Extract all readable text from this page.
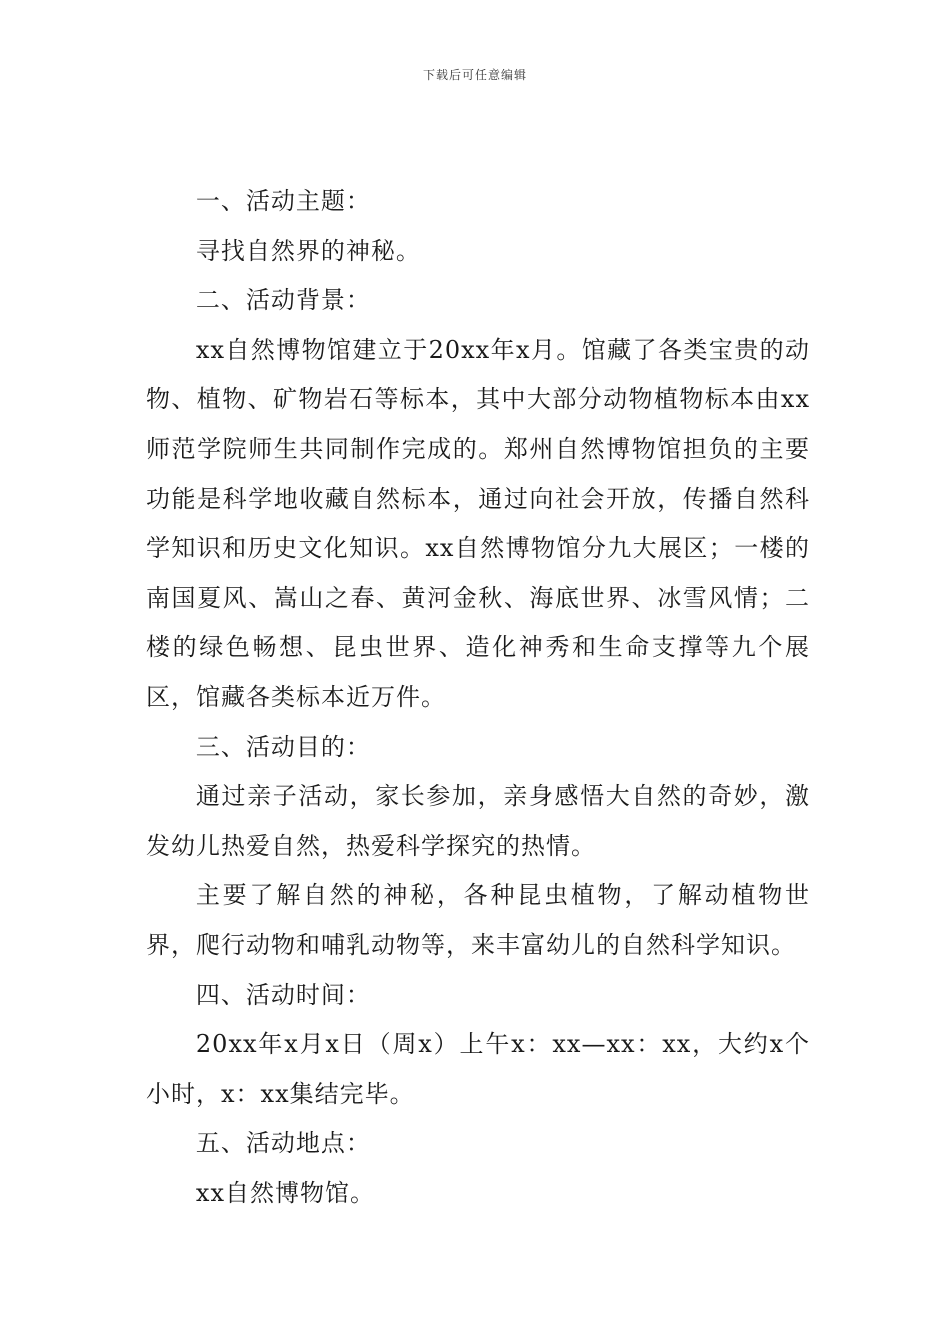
下载后可任意编辑

一、活动主题：

寻找自然界的神秘。

二、活动背景：

xx自然博物馆建立于20xx年x月。馆藏了各类宝贵的动物、植物、矿物岩石等标本，其中大部分动物植物标本由xx师范学院师生共同制作完成的。郑州自然博物馆担负的主要功能是科学地收藏自然标本，通过向社会开放，传播自然科学知识和历史文化知识。xx自然博物馆分九大展区；一楼的南国夏风、嵩山之春、黄河金秋、海底世界、冰雪风情；二楼的绿色畅想、昆虫世界、造化神秀和生命支撑等九个展区，馆藏各类标本近万件。

三、活动目的：

通过亲子活动，家长参加，亲身感悟大自然的奇妙，激发幼儿热爱自然，热爱科学探究的热情。

主要了解自然的神秘，各种昆虫植物，了解动植物世界，爬行动物和哺乳动物等，来丰富幼儿的自然科学知识。

四、活动时间：

20xx年x月x日（周x）上午x：xx—xx：xx，大约x个小时，x：xx集结完毕。

五、活动地点：

xx自然博物馆。
